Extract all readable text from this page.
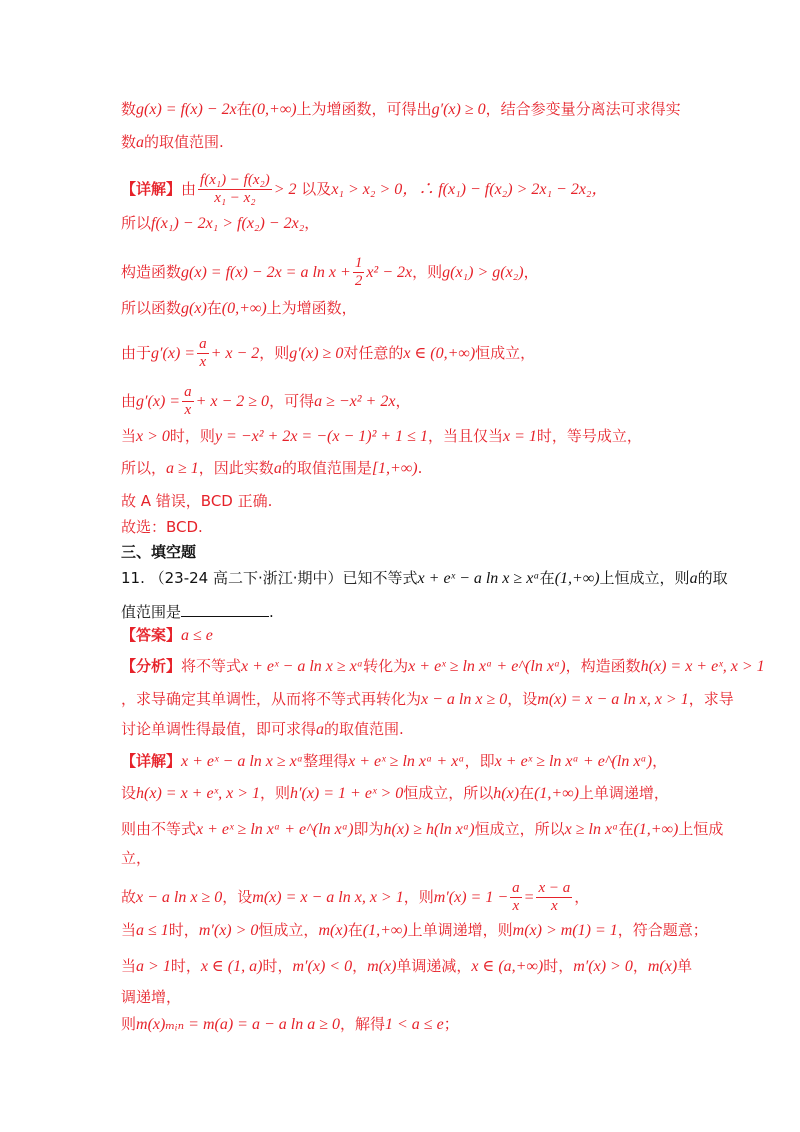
数g(x) = f(x) − 2x在(0,+∞)上为增函数，可得出g′(x) ≥ 0，结合参变量分离法可求得实
数a的取值范围.
【详解】由 $\frac{\text{f(x₁) − f(x₂)}}{\text{x₁ − x₂}} > 2$ 以及x₁ > x₂ > 0，∴ f(x₁) − f(x₂) > 2x₁ − 2x₂，
所以f(x₁) − 2x₁ > f(x₂) − 2x₂，
构造函数g(x) = f(x) − 2x = a $\ln x + \frac{1}{2} x^2 - 2x$，则g(x₁) > g(x₂)，
所以函数g(x)在(0,+∞)上为增函数，
由于$g'(x) = \frac{a}{x} + x - 2$，则g′(x) ≥ 0对任意的x ∈ (0,+∞)恒成立，
由$g'(x) = \frac{a}{x} + x - 2 \ge 0$，可得a ≥ −x² + 2x，
当x > 0时，则y = −x² + 2x = −(x − 1)² + 1 ≤ 1，当且仅当x = 1时，等号成立，
所以，a ≥ 1，因此实数a的取值范围是[1,+∞).
故 A 错误，BCD 正确.
故选：BCD.
三、填空题
11. （23-24 高二下·浙江·期中）已知不等式x + eˣ − a ln x ≥ xᵃ在(1,+∞)上恒成立，则a的取
值范围是	.
【答案】a ≤ e
【分析】将不等式x + eˣ − a ln x ≥ xᵃ转化为x + eˣ ≥ ln xᵃ + e^(ln xᵃ)，构造函数h(x) = x + eˣ, x > 1
，求导确定其单调性，从而将不等式再转化为x − a ln x ≥ 0，设m(x) = x − a ln x, x > 1，求导
讨论单调性得最值，即可求得a的取值范围.
【详解】x + eˣ − a ln x ≥ xᵃ整理得x + eˣ ≥ ln xᵃ + xᵃ，即x + eˣ ≥ ln xᵃ + e^(ln xᵃ)，
设h(x) = x + eˣ, x > 1，则h′(x) = 1 + eˣ > 0恒成立，所以h(x)在(1,+∞)上单调递增，
则由不等式x + eˣ ≥ ln xᵃ + e^(ln xᵃ)即为h(x) ≥ h(ln xᵃ)恒成立，所以x ≥ ln xᵃ在(1,+∞)上恒成
立，
故x − a ln x ≥ 0，设m(x) = x − a ln x, x > 1，则$m'(x) = 1 - \frac{a}{x} = \frac{x - a}{x}$ ，
当a ≤ 1时，m′(x) > 0恒成立，m(x)在(1,+∞)上单调递增，则m(x) > m(1) = 1，符合题意；
当a > 1时，x ∈ (1, a)时，m′(x) < 0，m(x)单调递减，x ∈ (a,+∞)时，m′(x) > 0，m(x)单
调递增，
则m(x)ₘᵢₙ = m(a) = a − a ln a ≥ 0，解得1 < a ≤ e；
